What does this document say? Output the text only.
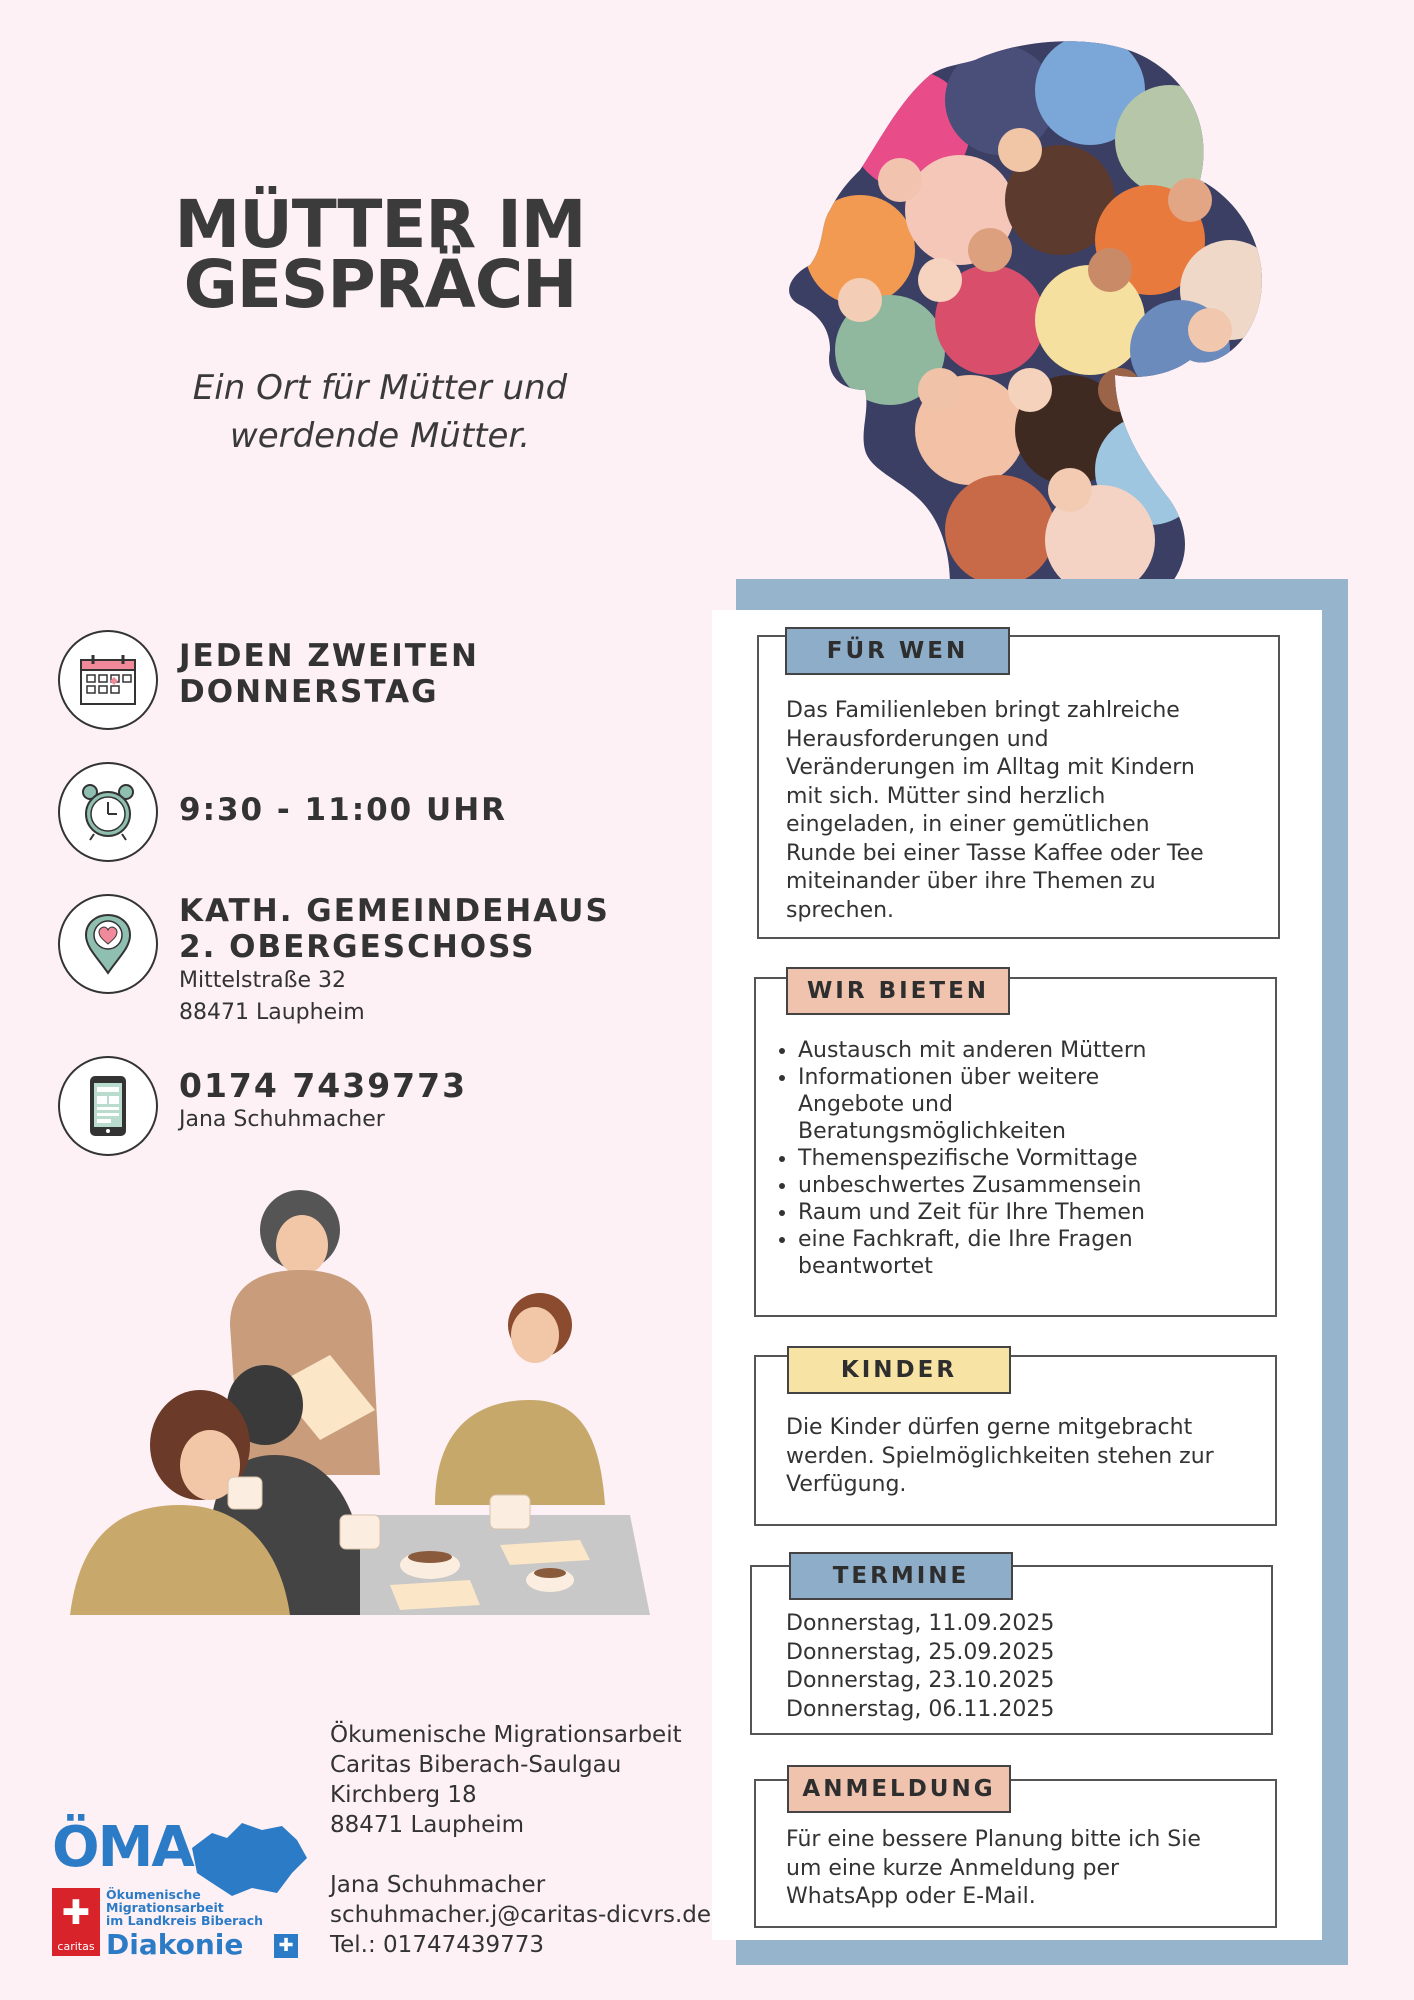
MÜTTER IM
GESPRÄCH
Ein Ort für Mütter und
werdende Mütter.
JEDEN ZWEITEN
DONNERSTAG
9:30 - 11:00 UHR
KATH. GEMEINDEHAUS
2. OBERGESCHOSS
Mittelstraße 32
88471 Laupheim
0174 7439773
Jana Schuhmacher
Das Familienleben bringt zahlreiche
Herausforderungen und
Veränderungen im Alltag mit Kindern
mit sich. Mütter sind herzlich
eingeladen, in einer gemütlichen
Runde bei einer Tasse Kaffee oder Tee
miteinander über ihre Themen zu
sprechen.
FÜR WEN
• Austausch mit anderen Müttern
• Informationen über weitere
Angebote und
Beratungsmöglichkeiten
• Themenspezifische Vormittage
• unbeschwertes Zusammensein
• Raum und Zeit für Ihre Themen
• eine Fachkraft, die Ihre Fragen
beantwortet
WIR BIETEN
Die Kinder dürfen gerne mitgebracht
werden. Spielmöglichkeiten stehen zur
Verfügung.
KINDER
Donnerstag, 11.09.2025
Donnerstag, 25.09.2025
Donnerstag, 23.10.2025
Donnerstag, 06.11.2025
TERMINE
Für eine bessere Planung bitte ich Sie
um eine kurze Anmeldung per
WhatsApp oder E-Mail.
ANMELDUNG
Ökumenische Migrationsarbeit
Caritas Biberach-Saulgau
Kirchberg 18
88471 Laupheim
Jana Schuhmacher
schuhmacher.j@caritas-dicvrs.de
Tel.: 01747439773
ÖMA
✚
caritas
Ökumenische
Migrationsarbeit
im Landkreis Biberach
Diakonie ✚
